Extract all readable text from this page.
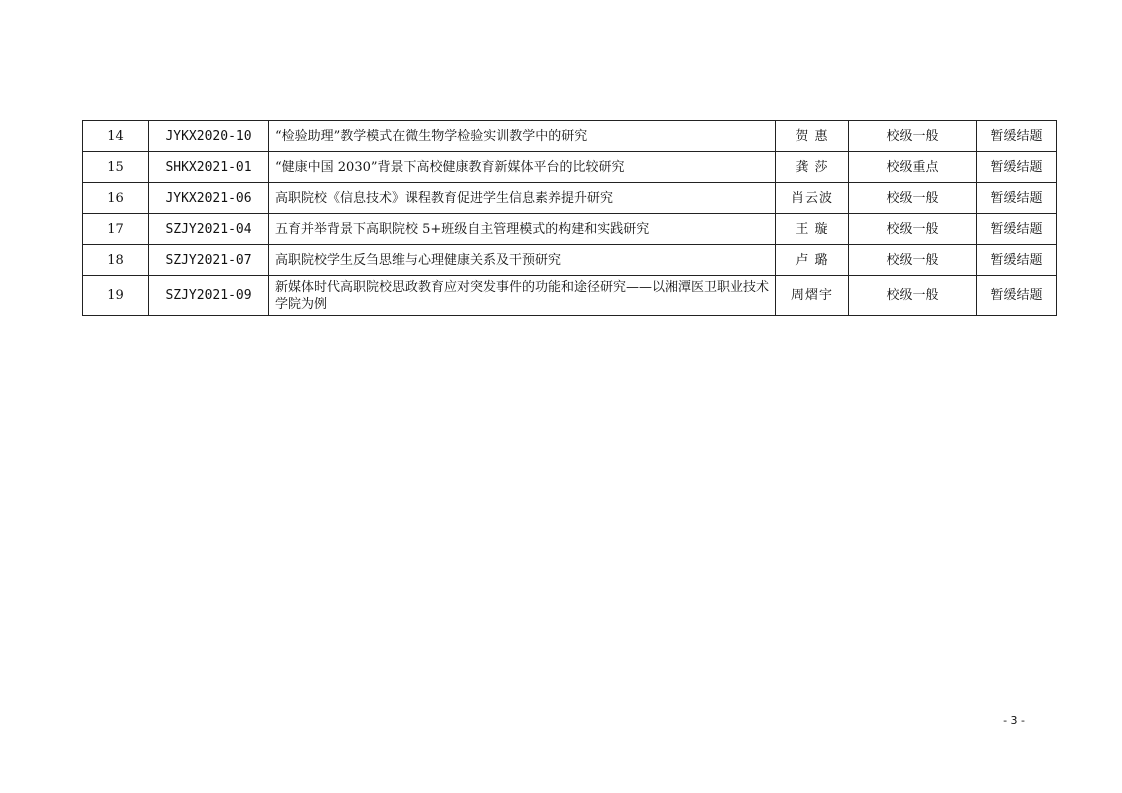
14	JYKX2020-10	“检验助理”教学模式在微生物学检验实训教学中的研究	贺 惠	校级一般	暂缓结题
15	SHKX2021-01	“健康中国 2030”背景下高校健康教育新媒体平台的比较研究	龚 莎	校级重点	暂缓结题
16	JYKX2021-06	高职院校《信息技术》课程教育促进学生信息素养提升研究	肖云波	校级一般	暂缓结题
17	SZJY2021-04	五育并举背景下高职院校 5+班级自主管理模式的构建和实践研究	王 璇	校级一般	暂缓结题
18	SZJY2021-07	高职院校学生反刍思维与心理健康关系及干预研究	卢 璐	校级一般	暂缓结题
19	SZJY2021-09	新媒体时代高职院校思政教育应对突发事件的功能和途径研究——以湘潭医卫职业技术学院为例	周熠宇	校级一般	暂缓结题
- 3 -
